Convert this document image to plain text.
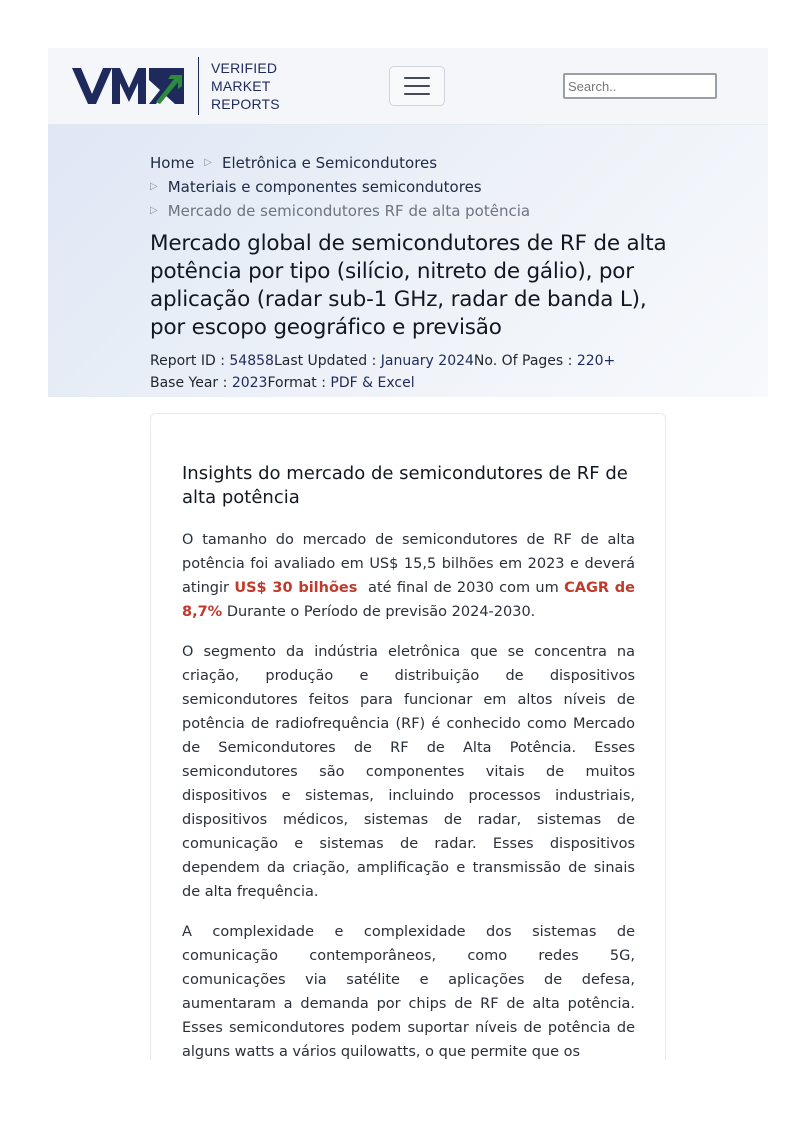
VERIFIED
MARKET
REPORTS
Search..
Home ▷ Eletrônica e Semicondutores
▷ Materiais e componentes semicondutores
▷ Mercado de semicondutores RF de alta potência
Mercado global de semicondutores de RF de alta potência por tipo (silício, nitreto de gálio), por aplicação (radar sub-1 GHz, radar de banda L), por escopo geográfico e previsão
Report ID : 54858Last Updated : January 2024No. Of Pages : 220+
Base Year : 2023Format : PDF & Excel
Insights do mercado de semicondutores de RF de alta potência

O tamanho do mercado de semicondutores de RF de alta potência foi avaliado em US$ 15,5 bilhões em 2023 e deverá atingir US$ 30 bilhões  até final de 2030 com um CAGR de 8,7% Durante o Período de previsão 2024-2030.

O segmento da indústria eletrônica que se concentra na criação, produção e distribuição de dispositivos semicondutores feitos para funcionar em altos níveis de potência de radiofrequência (RF) é conhecido como Mercado de Semicondutores de RF de Alta Potência. Esses semicondutores são componentes vitais de muitos dispositivos e sistemas, incluindo processos industriais, dispositivos médicos, sistemas de radar, sistemas de comunicação e sistemas de radar. Esses dispositivos dependem da criação, amplificação e transmissão de sinais de alta frequência.

A complexidade e complexidade dos sistemas de comunicação contemporâneos, como redes 5G, comunicações via satélite e aplicações de defesa, aumentaram a demanda por chips de RF de alta potência. Esses semicondutores podem suportar níveis de potência de alguns watts a vários quilowatts, o que permite que os
